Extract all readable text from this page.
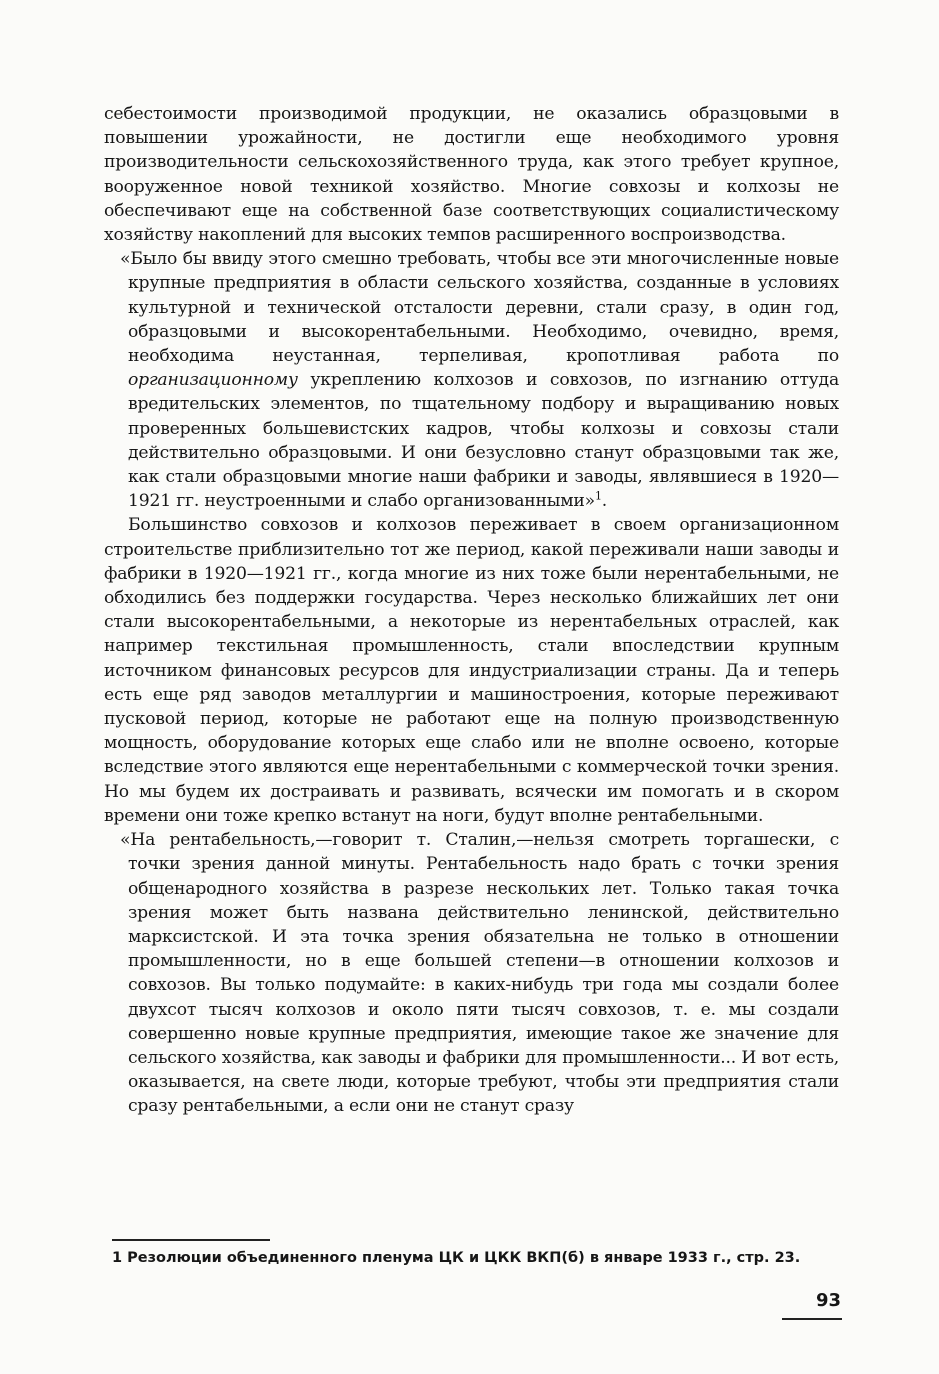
себестоимости производимой продукции, не оказались образцовыми в повышении урожайности, не достигли еще необходимого уровня производительности сельскохозяйственного труда, как этого требует крупное, вооруженное новой техникой хозяйство. Многие совхозы и колхозы не обеспечивают еще на собственной базе соответствующих социалистическому хозяйству накоплений для высоких темпов расширенного воспроизводства.

«Было бы ввиду этого смешно требовать, чтобы все эти многочисленные новые крупные предприятия в области сельского хозяйства, созданные в условиях культурной и технической отсталости деревни, стали сразу, в один год, образцовыми и высокорентабельными. Необходимо, очевидно, время, необходима неустанная, терпеливая, кропотливая работа по организационному укреплению колхозов и совхозов, по изгнанию оттуда вредительских элементов, по тщательному подбору и выращиванию новых проверенных большевистских кадров, чтобы колхозы и совхозы стали действительно образцовыми. И они безусловно станут образцовыми так же, как стали образцовыми многие наши фабрики и заводы, являвшиеся в 1920—1921 гг. неустроенными и слабо организованными»$^1$.

Большинство совхозов и колхозов переживает в своем организационном строительстве приблизительно тот же период, какой переживали наши заводы и фабрики в 1920—1921 гг., когда многие из них тоже были нерентабельными, не обходились без поддержки государства. Через несколько ближайших лет они стали высокорентабельными, а некоторые из нерентабельных отраслей, как например текстильная промышленность, стали впоследствии крупным источником финансовых ресурсов для индустриализации страны. Да и теперь есть еще ряд заводов металлургии и машиностроения, которые переживают пусковой период, которые не работают еще на полную производственную мощность, оборудование которых еще слабо или не вполне освоено, которые вследствие этого являются еще нерентабельными с коммерческой точки зрения. Но мы будем их достраивать и развивать, всячески им помогать и в скором времени они тоже крепко встанут на ноги, будут вполне рентабельными.

«На рентабельность,—говорит т. Сталин,—нельзя смотреть торгашески, с точки зрения данной минуты. Рентабельность надо брать с точки зрения общенародного хозяйства в разрезе нескольких лет. Только такая точка зрения может быть названа действительно ленинской, действительно марксистской. И эта точка зрения обязательна не только в отношении промышленности, но в еще большей степени—в отношении колхозов и совхозов. Вы только подумайте: в каких-нибудь три года мы создали более двухсот тысяч колхозов и около пяти тысяч совхозов, т. е. мы создали совершенно новые крупные предприятия, имеющие такое же значение для сельского хозяйства, как заводы и фабрики для промышленности... И вот есть, оказывается, на свете люди, которые требуют, чтобы эти предприятия стали сразу рентабельными, а если они не станут сразу

1 Резолюции объединенного пленума ЦК и ЦКК ВКП(б) в январе 1933 г., стр. 23.
93
